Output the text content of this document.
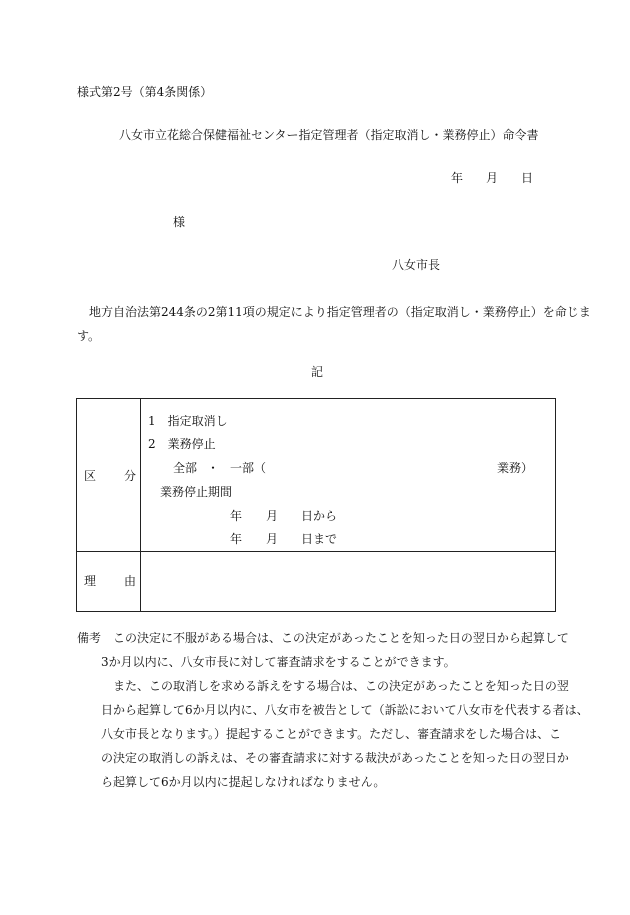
様式第2号（第4条関係）
八女市立花総合保健福祉センター指定管理者（指定取消し・業務停止）命令書
年 月 日
様
八女市長
地方自治法第244条の2第11項の規定により指定管理者の（指定取消し・業務停止）を命じま
す。
記
区 分
1　指定取消し
2　業務停止
全部 ・ 一部（	業務）
業務停止期間
年 月 日から
年 月 日まで
理 由
備考 この決定に不服がある場合は、この決定があったことを知った日の翌日から起算して
3か月以内に、八女市長に対して審査請求をすることができます。
また、この取消しを求める訴えをする場合は、この決定があったことを知った日の翌
日から起算して6か月以内に、八女市を被告として（訴訟において八女市を代表する者は、
八女市長となります。）提起することができます。ただし、審査請求をした場合は、こ
の決定の取消しの訴えは、その審査請求に対する裁決があったことを知った日の翌日か
ら起算して6か月以内に提起しなければなりません。
